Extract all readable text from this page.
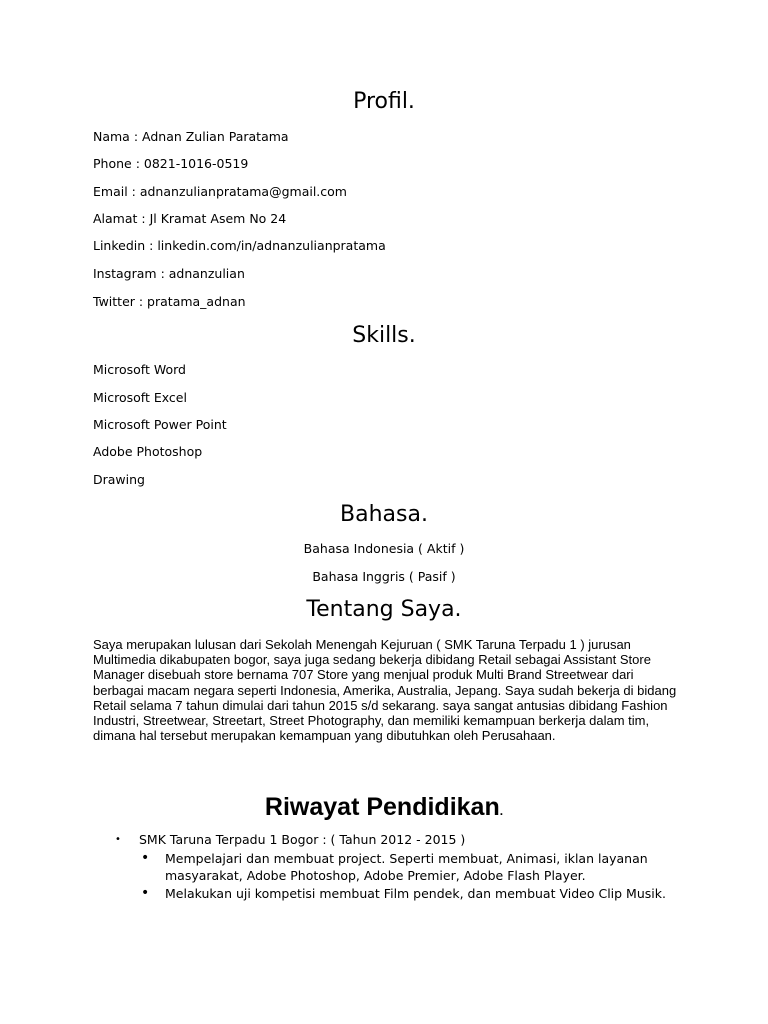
Profil.

Nama : Adnan Zulian Paratama

Phone : 0821-1016-0519

Email : adnanzulianpratama@gmail.com

Alamat : Jl Kramat Asem No 24

Linkedin : linkedin.com/in/adnanzulianpratama

Instagram : adnanzulian

Twitter : pratama_adnan

Skills.

Microsoft Word

Microsoft Excel

Microsoft Power Point

Adobe Photoshop

Drawing

Bahasa.

Bahasa Indonesia ( Aktif )

Bahasa Inggris ( Pasif )

Tentang Saya.

Saya merupakan lulusan dari Sekolah Menengah Kejuruan ( SMK Taruna Terpadu 1 ) jurusan Multimedia dikabupaten bogor, saya juga sedang bekerja dibidang Retail sebagai Assistant Store Manager disebuah store bernama 707 Store yang menjual produk Multi Brand Streetwear dari berbagai macam negara seperti Indonesia, Amerika, Australia, Jepang. Saya sudah bekerja di bidang Retail selama 7 tahun dimulai dari tahun 2015 s/d sekarang. saya sangat antusias dibidang Fashion Industri, Streetwear, Streetart, Street Photography, dan memiliki kemampuan berkerja dalam tim, dimana hal tersebut merupakan kemampuan yang dibutuhkan oleh Perusahaan.

Riwayat Pendidikan.
• SMK Taruna Terpadu 1 Bogor : ( Tahun 2012 - 2015 )

• Mempelajari dan membuat project. Seperti membuat, Animasi, iklan layanan

masyarakat, Adobe Photoshop, Adobe Premier, Adobe Flash Player.

• Melakukan uji kompetisi membuat Film pendek, dan membuat Video Clip Musik.
